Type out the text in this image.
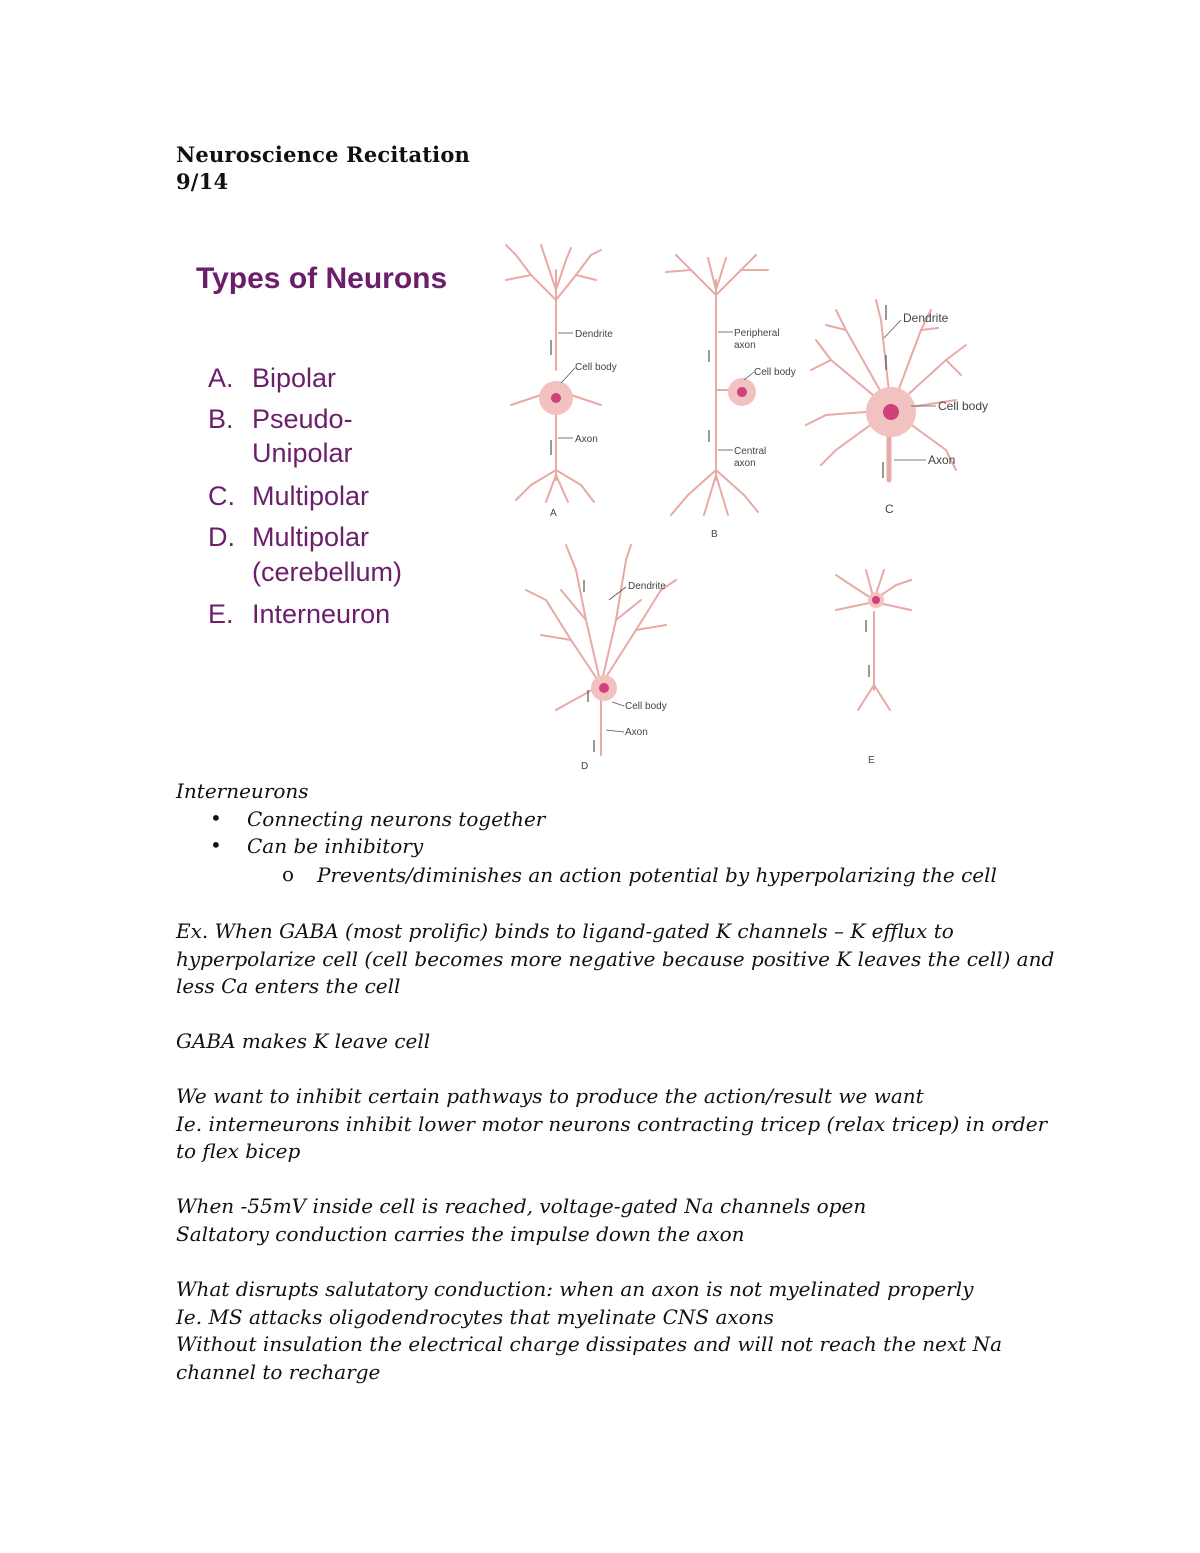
Neuroscience Recitation
9/14
Types of Neurons
A. Bipolar
B. Pseudo-
Unipolar
C. Multipolar
D. Multipolar
(cerebellum)
E. Interneuron
Dendrite
Cell body
Axon
A
Peripheral
axon
Cell body
Central
axon
B
Dendrite
Cell body
Axon
C
Dendrite
Cell body
Axon
D
E
Interneurons
• Connecting neurons together
• Can be inhibitory
o Prevents/diminishes an action potential by hyperpolarizing the cell
Ex. When GABA (most prolific) binds to ligand-gated K channels – K efflux to
hyperpolarize cell (cell becomes more negative because positive K leaves the cell) and
less Ca enters the cell
GABA makes K leave cell
We want to inhibit certain pathways to produce the action/result we want
Ie. interneurons inhibit lower motor neurons contracting tricep (relax tricep) in order
to flex bicep
When -55mV inside cell is reached, voltage-gated Na channels open
Saltatory conduction carries the impulse down the axon
What disrupts salutatory conduction: when an axon is not myelinated properly
Ie. MS attacks oligodendrocytes that myelinate CNS axons
Without insulation the electrical charge dissipates and will not reach the next Na
channel to recharge
